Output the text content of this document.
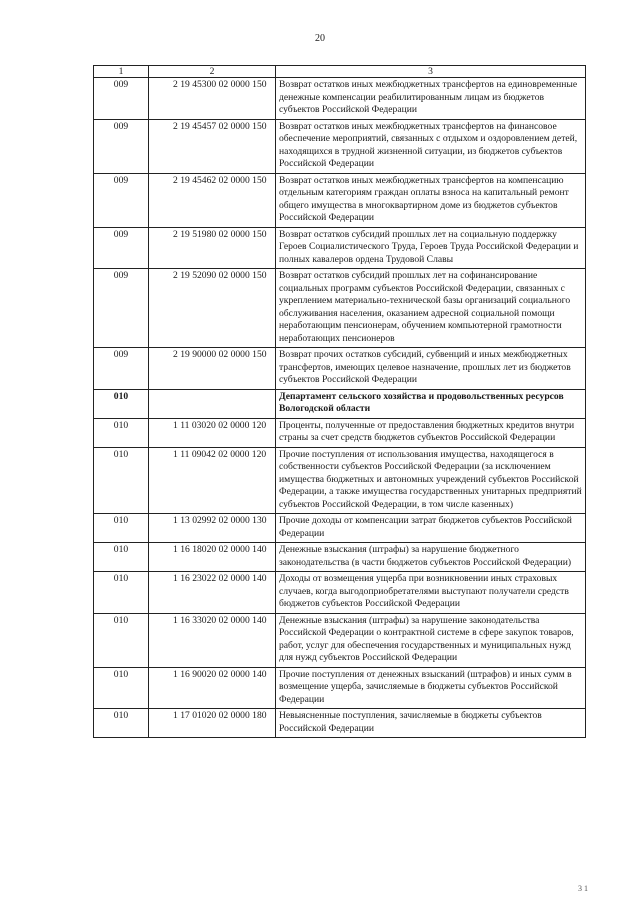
20
1	2	3
009	2 19 45300 02 0000 150	Возврат остатков иных межбюджетных трансфертов на единовременные денежные компенсации реабилитированным лицам из бюджетов субъектов Российской Федерации
009	2 19 45457 02 0000 150	Возврат остатков иных межбюджетных трансфертов на финансовое обеспечение мероприятий, связанных с отдыхом и оздоровлением детей, находящихся в трудной жизненной ситуации, из бюджетов субъектов Российской Федерации
009	2 19 45462 02 0000 150	Возврат остатков иных межбюджетных трансфертов на компенсацию отдельным категориям граждан оплаты взноса на капитальный ремонт общего имущества в многоквартирном доме из бюджетов субъектов Российской Федерации
009	2 19 51980 02 0000 150	Возврат остатков субсидий прошлых лет на социальную поддержку Героев Социалистического Труда, Героев Труда Российской Федерации и полных кавалеров ордена Трудовой Славы
009	2 19 52090 02 0000 150	Возврат остатков субсидий прошлых лет на софинансирование социальных программ субъектов Российской Федерации, связанных с укреплением материально-технической базы организаций социального обслуживания населения, оказанием адресной социальной помощи неработающим пенсионерам, обучением компьютерной грамотности неработающих пенсионеров
009	2 19 90000 02 0000 150	Возврат прочих остатков субсидий, субвенций и иных межбюджетных трансфертов, имеющих целевое назначение, прошлых лет из бюджетов субъектов Российской Федерации
010		Департамент сельского хозяйства и продовольственных ресурсов Вологодской области
010	1 11 03020 02 0000 120	Проценты, полученные от предоставления бюджетных кредитов внутри страны за счет средств бюджетов субъектов Российской Федерации
010	1 11 09042 02 0000 120	Прочие поступления от использования имущества, находящегося в собственности субъектов Российской Федерации (за исключением имущества бюджетных и автономных учреждений субъектов Российской Федерации, а также имущества государственных унитарных предприятий субъектов Российской Федерации, в том числе казенных)
010	1 13 02992 02 0000 130	Прочие доходы от компенсации затрат бюджетов субъектов Российской Федерации
010	1 16 18020 02 0000 140	Денежные взыскания (штрафы) за нарушение бюджетного законодательства (в части бюджетов субъектов Российской Федерации)
010	1 16 23022 02 0000 140	Доходы от возмещения ущерба при возникновении иных страховых случаев, когда выгодоприобретателями выступают получатели средств бюджетов субъектов Российской Федерации
010	1 16 33020 02 0000 140	Денежные взыскания (штрафы) за нарушение законодательства Российской Федерации о контрактной системе в сфере закупок товаров, работ, услуг для обеспечения государственных и муниципальных нужд для нужд субъектов Российской Федерации
010	1 16 90020 02 0000 140	Прочие поступления от денежных взысканий (штрафов) и иных сумм в возмещение ущерба, зачисляемые в бюджеты субъектов Российской Федерации
010	1 17 01020 02 0000 180	Невыясненные поступления, зачисляемые в бюджеты субъектов Российской Федерации
3 1
